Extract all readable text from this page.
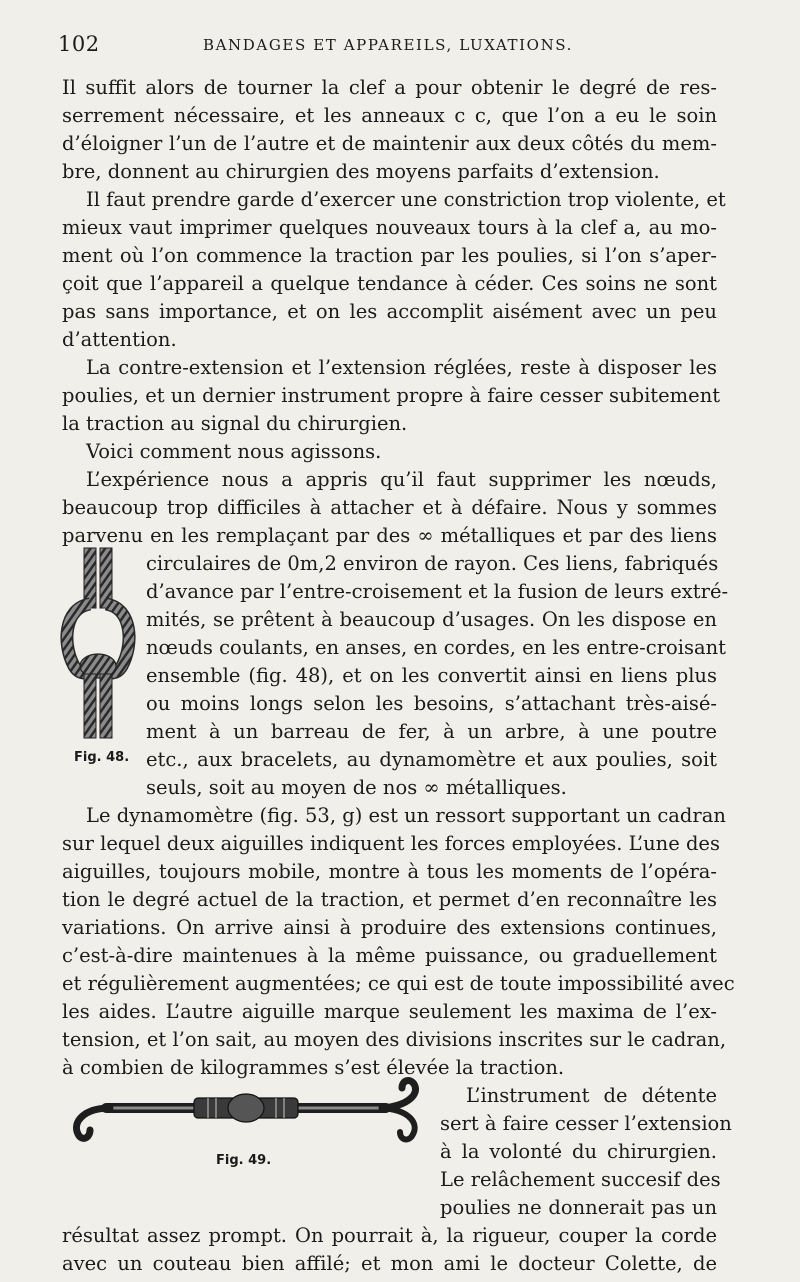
102	BANDAGES ET APPAREILS, LUXATIONS.

Il suffit alors de tourner la clef a pour obtenir le degré de res-

serrement nécessaire, et les anneaux c c, que l’on a eu le soin

d’éloigner l’un de l’autre et de maintenir aux deux côtés du mem-

bre, donnent au chirurgien des moyens parfaits d’extension.

Il faut prendre garde d’exercer une constriction trop violente, et

mieux vaut imprimer quelques nouveaux tours à la clef a, au mo-

ment où l’on commence la traction par les poulies, si l’on s’aper-

çoit que l’appareil a quelque tendance à céder. Ces soins ne sont

pas sans importance, et on les accomplit aisément avec un peu

d’attention.

La contre-extension et l’extension réglées, reste à disposer les

poulies, et un dernier instrument propre à faire cesser subitement

la traction au signal du chirurgien.

Voici comment nous agissons.

L’expérience nous a appris qu’il faut supprimer les nœuds,

beaucoup trop difficiles à attacher et à défaire. Nous y sommes

parvenu en les remplaçant par des ∞ métalliques et par des liens

circulaires de 0m,2 environ de rayon. Ces liens, fabriqués

d’avance par l’entre-croisement et la fusion de leurs extré-

mités, se prêtent à beaucoup d’usages. On les dispose en

nœuds coulants, en anses, en cordes, en les entre-croisant

ensemble (fig. 48), et on les convertit ainsi en liens plus

ou moins longs selon les besoins, s’attachant très-aisé-

ment à un barreau de fer, à un arbre, à une poutre

etc., aux bracelets, au dynamomètre et aux poulies, soit

seuls, soit au moyen de nos ∞ métalliques.

Le dynamomètre (fig. 53, g) est un ressort supportant un cadran

sur lequel deux aiguilles indiquent les forces employées. L’une des

aiguilles, toujours mobile, montre à tous les moments de l’opéra-

tion le degré actuel de la traction, et permet d’en reconnaître les

variations. On arrive ainsi à produire des extensions continues,

c’est-à-dire maintenues à la même puissance, ou graduellement

et régulièrement augmentées; ce qui est de toute impossibilité avec

les aides. L’autre aiguille marque seulement les maxima de l’ex-

tension, et l’on sait, au moyen des divisions inscrites sur le cadran,

à combien de kilogrammes s’est élevée la traction.

L’instrument de détente

sert à faire cesser l’extension

à la volonté du chirurgien.

Le relâchement succesif des

poulies ne donnerait pas un

résultat assez prompt. On pourrait à, la rigueur, couper la corde

avec un couteau bien affilé; et mon ami le docteur Colette, de

Fig. 48.

Fig. 49.
